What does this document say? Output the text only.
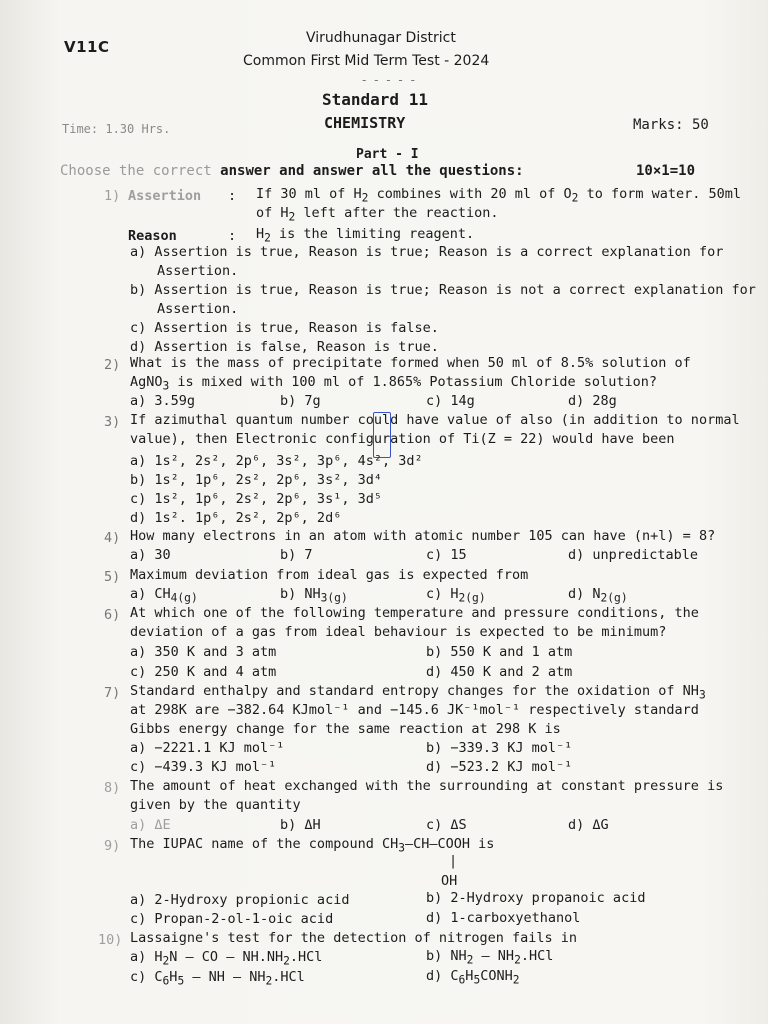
V11C	Virudhunagar District
Common First Mid Term Test - 2024
- - - - -
Standard 11
CHEMISTRY
Time: 1.30 Hrs.	Marks: 50
Part - I
Choose the correct answer and answer all the questions:	10×1=10
1) Assertion : If 30 ml of $H_2$ combines with 20 ml of $O_2$ to form water. 50ml
of $H_2$ left after the reaction.
Reason	: $H_2$ is the limiting reagent.
a) Assertion is true, Reason is true; Reason is a correct explanation for
Assertion.
b) Assertion is true, Reason is true; Reason is not a correct explanation for
Assertion.
c) Assertion is true, Reason is false.
d) Assertion is false, Reason is true.
2) What is the mass of precipitate formed when 50 ml of 8.5% solution of
AgNO$_3$ is mixed with 100 ml of 1.865% Potassium Chloride solution?
a) 3.59g	b) 7g	c) 14g	d) 28g
3) If azimuthal quantum number could have value of also (in addition to normal
value), then Electronic configuration of Ti(Z = 22) would have been
a) 1s², 2s², 2p⁶, 3s², 3p⁶, 4s², 3d²
b) 1s², 1p⁶, 2s², 2p⁶, 3s², 3d⁴
c) 1s², 1p⁶, 2s², 2p⁶, 3s¹, 3d⁵
d) 1s². 1p⁶, 2s², 2p⁶, 2d⁶
4) How many electrons in an atom with atomic number 105 can have (n+l) = 8?
a) 30	b) 7	c) 15	d) unpredictable
5) Maximum deviation from ideal gas is expected from
a) $CH_{4(g)}$	b) $NH_{3(g)}$	c) $H_{2(g)}$	d) $N_{2(g)}$
6) At which one of the following temperature and pressure conditions, the
deviation of a gas from ideal behaviour is expected to be minimum?
a) 350 K and 3 atm	b) 550 K and 1 atm
c) 250 K and 4 atm	d) 450 K and 2 atm
7) Standard enthalpy and standard entropy changes for the oxidation of $NH_3$
at 298K are −382.64 KJmol⁻¹ and −145.6 JK⁻¹mol⁻¹ respectively standard
Gibbs energy change for the same reaction at 298 K is
a) −2221.1 KJ mol⁻¹	b) −339.3 KJ mol⁻¹
c) −439.3 KJ mol⁻¹	d) −523.2 KJ mol⁻¹
8) The amount of heat exchanged with the surrounding at constant pressure is
given by the quantity
a) ΔE	b) ΔH	c) ΔS	d) ΔG
9) The IUPAC name of the compound $CH_3-CH$–COOH is
|
OH
a) 2-Hydroxy propionic acid	b) 2-Hydroxy propanoic acid
c) Propan-2-ol-1-oic acid	d) 1-carboxyethanol
10) Lassaigne's test for the detection of nitrogen fails in
a) $H_2N$ – CO – $NH.NH_2.HCl$	b) $NH_2 - NH_2.HCl$
c) $C_6H_5$ – NH – $NH_2.HCl$	d) $C_6H_5CONH_2$
